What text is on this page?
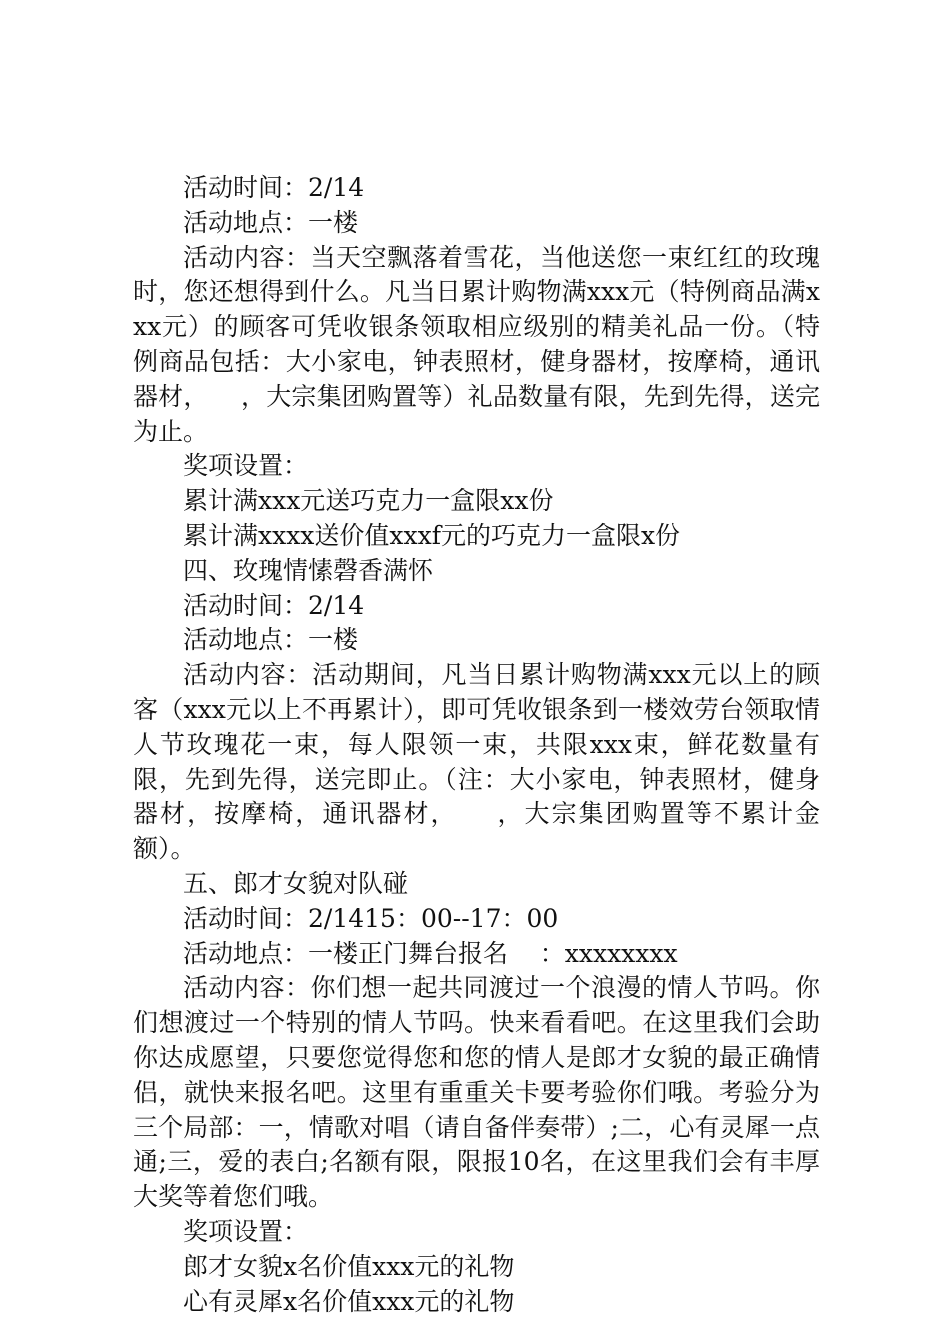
活动时间：2/14

活动地点：一楼

活动内容：当天空飘落着雪花，当他送您一束红红的玫瑰时，您还想得到什么。凡当日累计购物满xxx元（特例商品满xxx元）的顾客可凭收银条领取相应级别的精美礼品一份。（特例商品包括：大小家电，钟表照材，健身器材，按摩椅，通讯器材，    ，大宗集团购置等）礼品数量有限，先到先得，送完为止。

奖项设置：

累计满xxx元送巧克力一盒限xx份

累计满xxxx送价值xxxf元的巧克力一盒限x份

四、玫瑰情愫磬香满怀

活动时间：2/14

活动地点：一楼

活动内容：活动期间，凡当日累计购物满xxx元以上的顾客（xxx元以上不再累计），即可凭收银条到一楼效劳台领取情人节玫瑰花一束，每人限领一束，共限xxx束，鲜花数量有限，先到先得，送完即止。（注：大小家电，钟表照材，健身器材，按摩椅，通讯器材，    ，大宗集团购置等不累计金额）。

五、郎才女貌对队碰

活动时间：2/1415：00--17：00

活动地点：一楼正门舞台报名    ：xxxxxxxx

活动内容：你们想一起共同渡过一个浪漫的情人节吗。你们想渡过一个特别的情人节吗。快来看看吧。在这里我们会助你达成愿望，只要您觉得您和您的情人是郎才女貌的最正确情侣，就快来报名吧。这里有重重关卡要考验你们哦。考验分为三个局部：一，情歌对唱（请自备伴奏带）;二，心有灵犀一点通;三，爱的表白;名额有限，限报10名，在这里我们会有丰厚大奖等着您们哦。

奖项设置：

郎才女貌x名价值xxx元的礼物

心有灵犀x名价值xxx元的礼物
